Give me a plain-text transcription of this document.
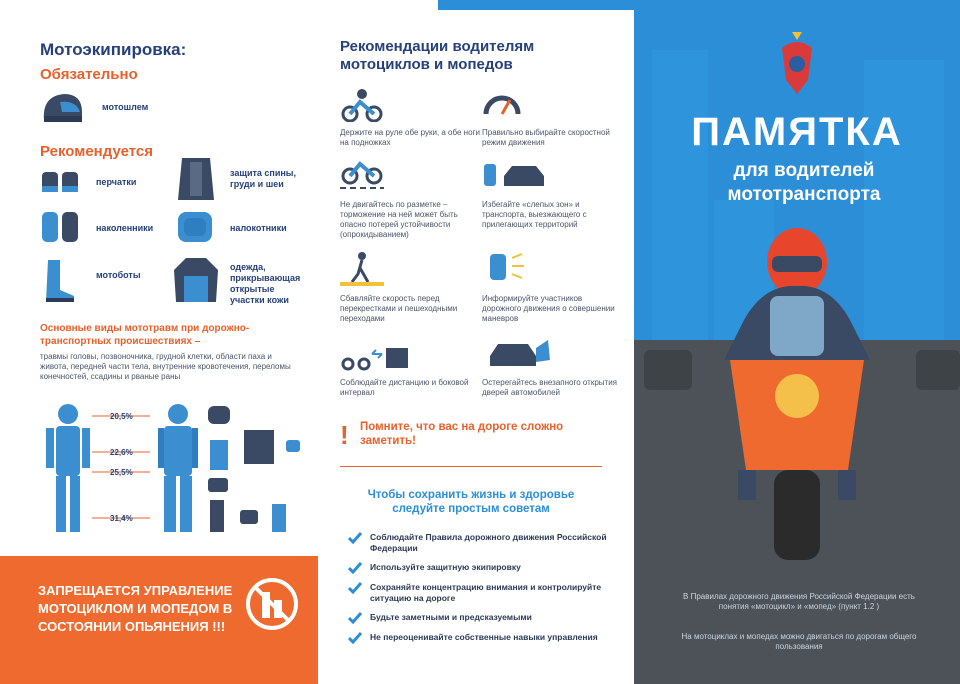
Мотоэкипировка:
Обязательно
мотошлем
Рекомендуется
перчатки
наколенники
мотоботы
защита спины, груди и шеи
налокотники
одежда, прикрывающая открытые участки кожи
Основные виды мототравм при дорожно-транспортных происшествиях –
травмы головы, позвоночника, грудной клетки, области паха и живота, передней части тела, внутренние кровотечения, переломы конечностей, ссадины и рваные раны
20,5%
22,6%
25,5%
31,4%
ЗАПРЕЩАЕТСЯ УПРАВЛЕНИЕ МОТОЦИКЛОМ И МОПЕДОМ В СОСТОЯНИИ ОПЬЯНЕНИЯ !!!
Рекомендации водителям мотоциклов и мопедов
Держите на руле обе руки, а обе ноги на подножках
Правильно выбирайте скоростной режим движения
Не двигайтесь по разметке – торможение на ней может быть опасно потерей устойчивости (опрокидыванием)
Избегайте «слепых зон» и транспорта, выезжающего с прилегающих территорий
Сбавляйте скорость перед перекрестками и пешеходными переходами
Информируйте участников дорожного движения о совершении маневров
Соблюдайте дистанцию и боковой интервал
Остерегайтесь внезапного открытия дверей автомобилей
! Помните, что вас на дороге сложно заметить!
Чтобы сохранить жизнь и здоровье следуйте простым советам
Соблюдайте Правила дорожного движения Российской Федерации
Используйте защитную экипировку
Сохраняйте концентрацию внимания и контролируйте ситуацию на дороге
Будьте заметными и предсказуемыми
Не переоценивайте собственные навыки управления
ПАМЯТКА
для водителей
мототранспорта
В Правилах дорожного движения Российской Федерации есть понятия «мотоцикл» и «мопед» (пункт 1.2 )
На мотоциклах и мопедах можно двигаться по дорогам общего пользования
